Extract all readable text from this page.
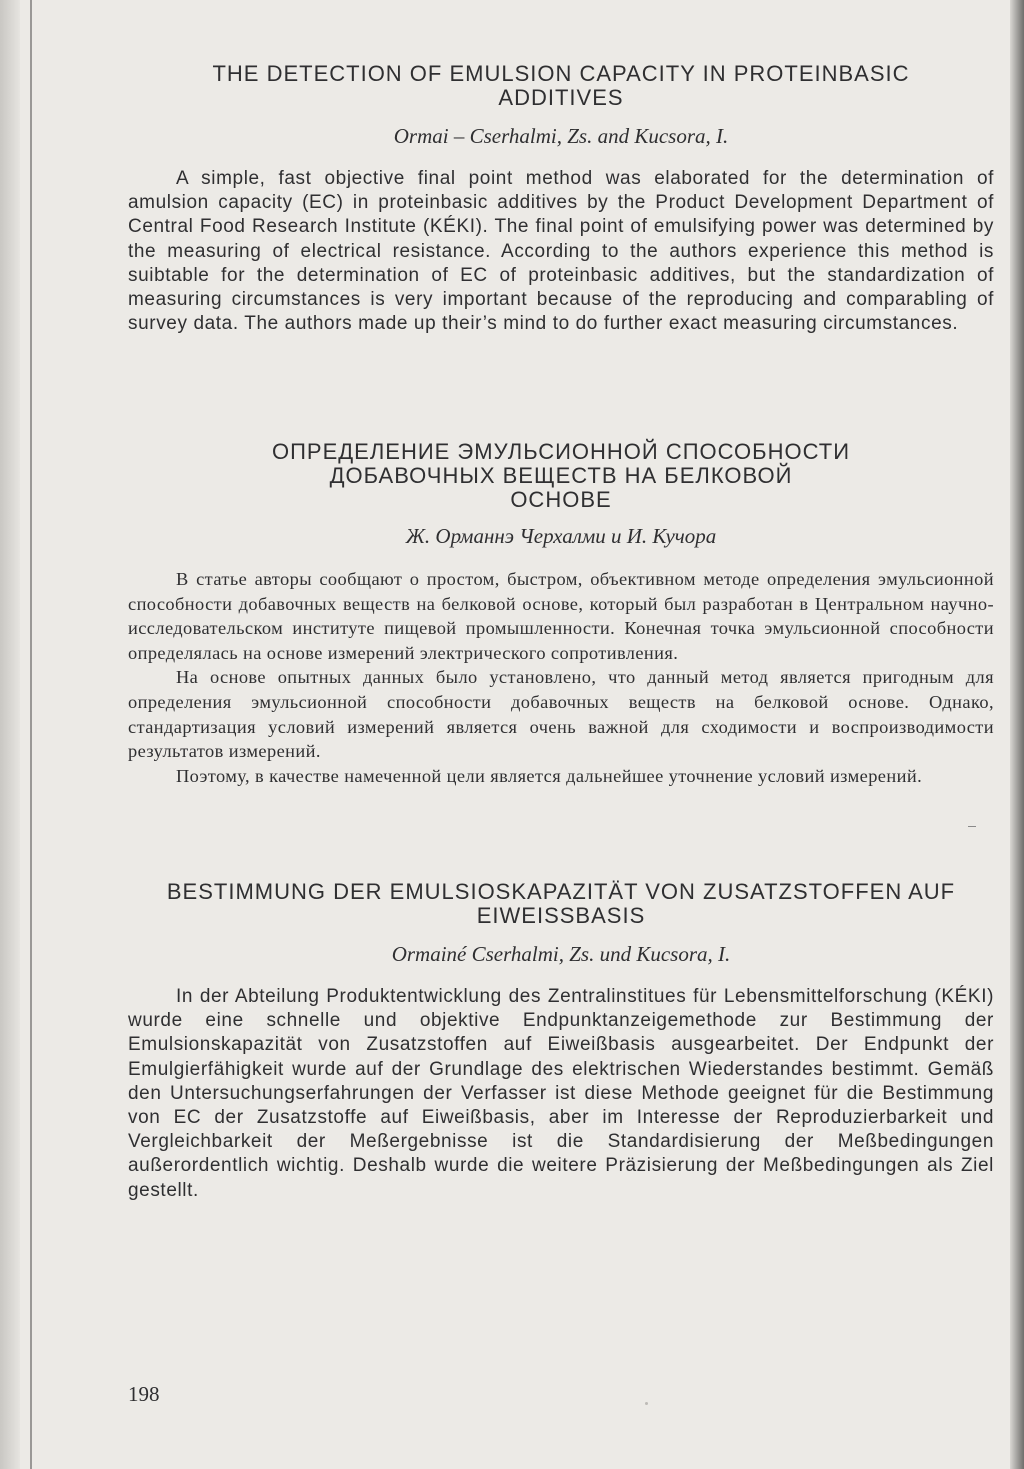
THE DETECTION OF EMULSION CAPACITY IN PROTEINBASIC
ADDITIVES
Ormai – Cserhalmi, Zs. and Kucsora, I.

A simple, fast objective final point method was elaborated for the determination of amulsion capacity (EC) in proteinbasic additives by the Product Development Department of Central Food Research Institute (KÉKI). The final point of emulsifying power was determined by the measuring of electrical resistance. According to the authors experience this method is suibtable for the determination of EC of proteinbasic additives, but the standardization of measuring circumstances is very important because of the reproducing and comparabling of survey data. The authors made up their’s mind to do further exact measuring circumstances.

ОПРЕДЕЛЕНИЕ ЭМУЛЬСИОННОЙ СПОСОБНОСТИ
ДОБАВОЧНЫХ ВЕЩЕСТВ НА БЕЛКОВОЙ
ОСНОВЕ
Ж. Орманнэ Черхалми и И. Кучора

В статье авторы сообщают о простом, быстром, объективном методе определения эмульсионной способности добавочных веществ на белковой основе, который был разработан в Центральном научно-исследовательском институте пищевой промышленности. Конечная точка эмульсионной способности определялась на основе измерений электрического сопротивления.

На основе опытных данных было установлено, что данный метод является пригодным для определения эмульсионной способности добавочных веществ на белковой основе. Однако, стандартизация условий измерений является очень важной для сходимости и воспроизводимости результатов измерений.

Поэтому, в качестве намеченной цели является дальнейшее уточнение условий измерений.

BESTIMMUNG DER EMULSIOSKAPAZITÄT VON ZUSATZSTOFFEN AUF
EIWEISSBASIS
Ormainé Cserhalmi, Zs. und Kucsora, I.

In der Abteilung Produktentwicklung des Zentralinstitues für Lebensmittelforschung (KÉKI) wurde eine schnelle und objektive Endpunktanzeigemethode zur Bestimmung der Emulsionskapazität von Zusatzstoffen auf Eiweißbasis ausgearbeitet. Der Endpunkt der Emulgierfähigkeit wurde auf der Grundlage des elektrischen Wiederstandes bestimmt. Gemäß den Untersuchungserfahrungen der Verfasser ist diese Methode geeignet für die Bestimmung von EC der Zusatzstoffe auf Eiweißbasis, aber im Interesse der Reproduzierbarkeit und Vergleichbarkeit der Meßergebnisse ist die Standardisierung der Meßbedingungen außerordentlich wichtig. Deshalb wurde die weitere Präzisierung der Meßbedingungen als Ziel gestellt.

198
